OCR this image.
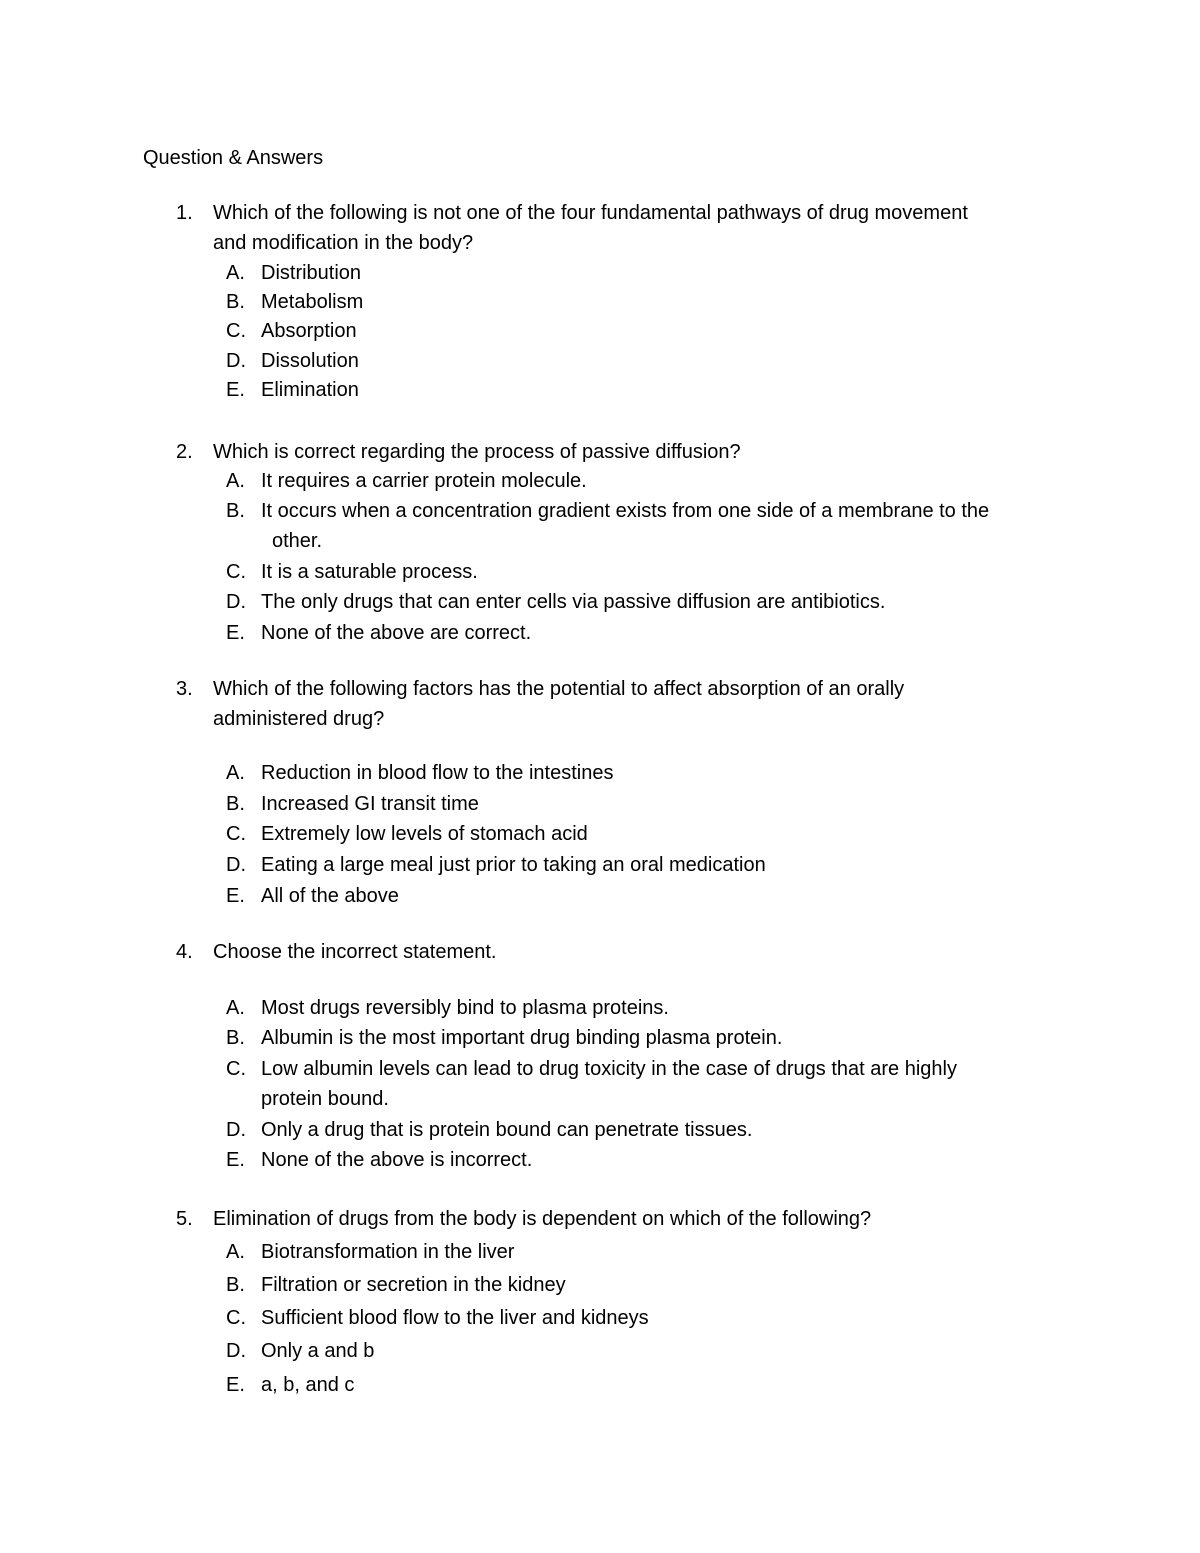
Question & Answers
1. Which of the following is not one of the four fundamental pathways of drug movement
and modification in the body?
A. Distribution
B. Metabolism
C. Absorption
D. Dissolution
E. Elimination
2. Which is correct regarding the process of passive diffusion?
A. It requires a carrier protein molecule.
B. It occurs when a concentration gradient exists from one side of a membrane to the
other.
C. It is a saturable process.
D. The only drugs that can enter cells via passive diffusion are antibiotics.
E. None of the above are correct.
3. Which of the following factors has the potential to affect absorption of an orally
administered drug?
A. Reduction in blood flow to the intestines
B. Increased GI transit time
C. Extremely low levels of stomach acid
D. Eating a large meal just prior to taking an oral medication
E. All of the above
4. Choose the incorrect statement.
A. Most drugs reversibly bind to plasma proteins.
B. Albumin is the most important drug binding plasma protein.
C. Low albumin levels can lead to drug toxicity in the case of drugs that are highly
protein bound.
D. Only a drug that is protein bound can penetrate tissues.
E. None of the above is incorrect.
5. Elimination of drugs from the body is dependent on which of the following?
A. Biotransformation in the liver
B. Filtration or secretion in the kidney
C. Sufficient blood flow to the liver and kidneys
D. Only a and b
E. a, b, and c
